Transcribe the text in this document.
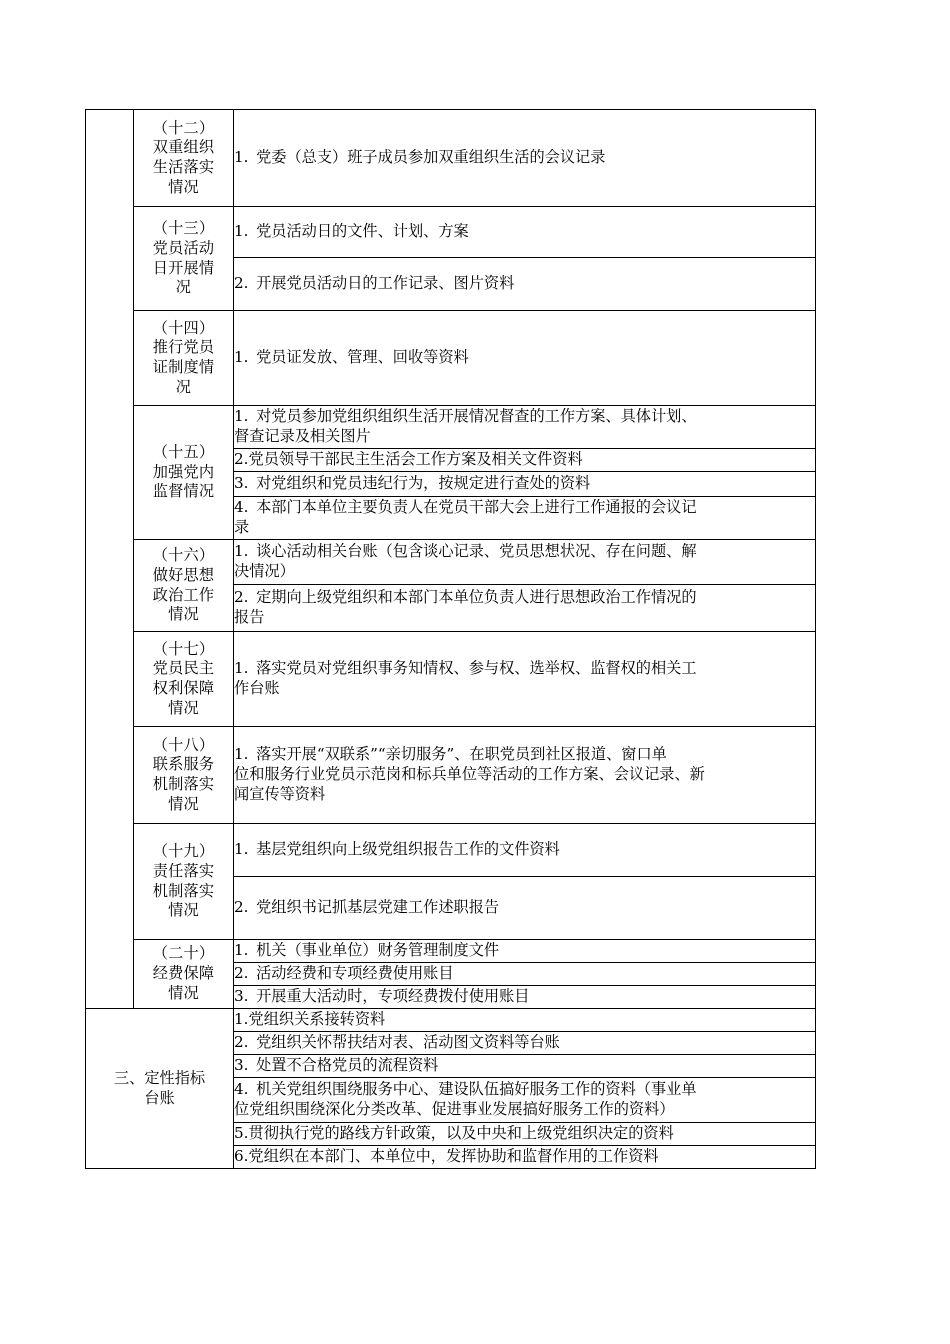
	（十二）
双重组织
生活落实
情况	1.  党委（总支）班子成员参加双重组织生活的会议记录

	（十三）
党员活动
日开展情
况	1.  党员活动日的文件、计划、方案

		2.  开展党员活动日的工作记录、图片资料

	（十四）
推行党员
证制度情
况	1.  党员证发放、管理、回收等资料

	（十五）
加强党内
监督情况	1.  对党员参加党组织组织生活开展情况督查的工作方案、具体计划、
督查记录及相关图片

		2.党员领导干部民主生活会工作方案及相关文件资料

		3.  对党组织和党员违纪行为，按规定进行查处的资料

		4.  本部门本单位主要负责人在党员干部大会上进行工作通报的会议记
录

	（十六）
做好思想
政治工作
情况	1.  谈心活动相关台账（包含谈心记录、党员思想状况、存在问题、解
决情况）

		2.  定期向上级党组织和本部门本单位负责人进行思想政治工作情况的
报告

	（十七）
党员民主
权利保障
情况	1.  落实党员对党组织事务知情权、参与权、选举权、监督权的相关工
作台账

	（十八）
联系服务
机制落实
情况	1.  落实开展“双联系”“亲切服务”、在职党员到社区报道、窗口单
位和服务行业党员示范岗和标兵单位等活动的工作方案、会议记录、新
闻宣传等资料

	（十九）
责任落实
机制落实
情况	1.  基层党组织向上级党组织报告工作的文件资料

		2.  党组织书记抓基层党建工作述职报告

	（二十）
经费保障
情况	1.  机关（事业单位）财务管理制度文件

		2.  活动经费和专项经费使用账目

		3.  开展重大活动时，专项经费拨付使用账目

三、定性指标
台账		1.党组织关系接转资料

		2.  党组织关怀帮扶结对表、活动图文资料等台账

		3.  处置不合格党员的流程资料

		4.  机关党组织围绕服务中心、建设队伍搞好服务工作的资料（事业单
位党组织围绕深化分类改革、促进事业发展搞好服务工作的资料）

		5.贯彻执行党的路线方针政策，以及中央和上级党组织决定的资料

		6.党组织在本部门、本单位中，发挥协助和监督作用的工作资料
